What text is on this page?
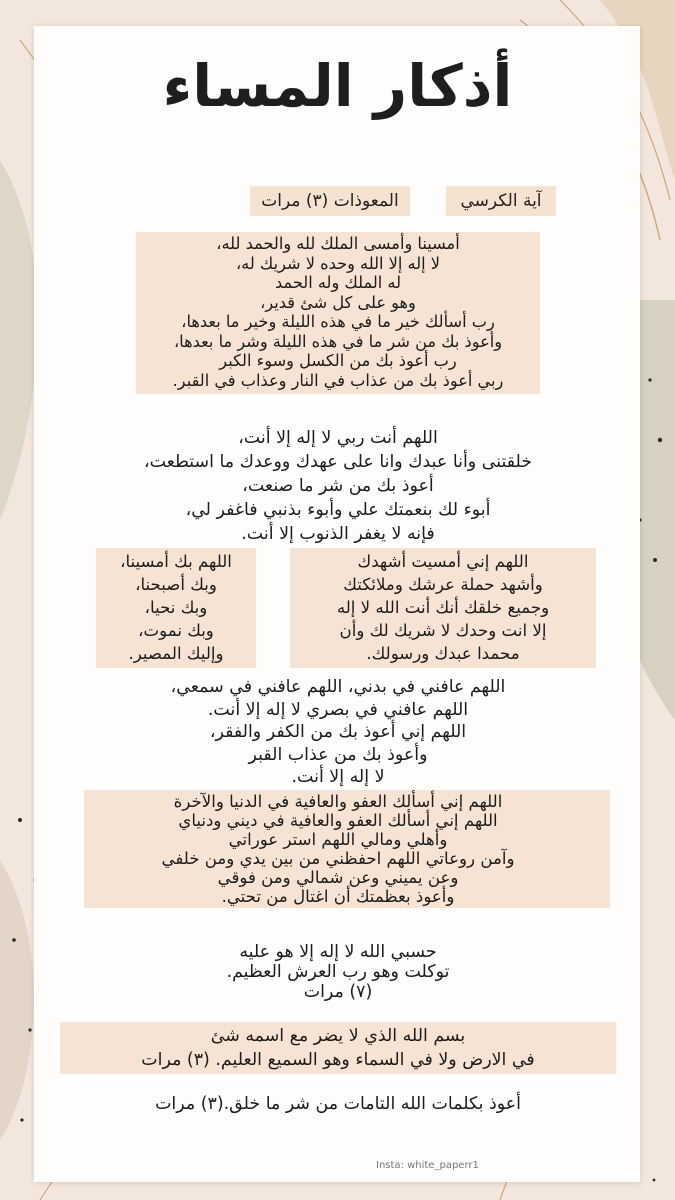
أذكار المساء
آية الكرسي
المعوذات (٣) مرات
أمسينا وأمسى الملك لله والحمد لله،
لا إله إلا الله وحده لا شريك له،
له الملك وله الحمد
وهو على كل شئ قدير،
رب أسألك خير ما في هذه الليلة وخير ما بعدها،
وأعوذ بك من شر ما في هذه الليلة وشر ما بعدها،
رب أعوذ بك من الكسل وسوء الكبر
ربي أعوذ بك من عذاب في النار وعذاب في القبر.
اللهم أنت ربي لا إله إلا أنت،
خلقتنى وأنا عبدك وانا على عهدك ووعدك ما استطعت،
أعوذ بك من شر ما صنعت،
أبوء لك بنعمتك علي وأبوء بذنبي فاغفر لي،
فإنه لا يغفر الذنوب إلا أنت.
اللهم إني أمسيت أشهدك
وأشهد حملة عرشك وملائكتك
وجميع خلقك أنك أنت الله لا إله
إلا انت وحدك لا شريك لك وأن
محمدا عبدك ورسولك.
اللهم بك أمسينا،
وبك أصبحنا،
وبك نحيا،
وبك نموت،
وإليك المصير.
اللهم عافني في بدني، اللهم عافني في سمعي،
اللهم عافني في بصري لا إله إلا أنت.
اللهم إني أعوذ بك من الكفر والفقر،
وأعوذ بك من عذاب القبر
لا إله إلا أنت.
اللهم إني أسألك العفو والعافية في الدنيا والآخرة
اللهم إني أسألك العفو والعافية في ديني ودنياي
وأهلي ومالي اللهم استر عوراتي
وآمن روعاتي اللهم احفظني من بين يدي ومن خلفي
وعن يميني وعن شمالي ومن فوقي
وأعوذ بعظمتك أن اغتال من تحتي.
حسبي الله لا إله إلا هو عليه
توكلت وهو رب العرش العظيم.
(٧) مرات
بسم الله الذي لا يضر مع اسمه شئ
في الارض ولا في السماء وهو السميع العليم. (٣) مرات
أعوذ بكلمات الله التامات من شر ما خلق.(٣) مرات
Insta: white_paperr1
